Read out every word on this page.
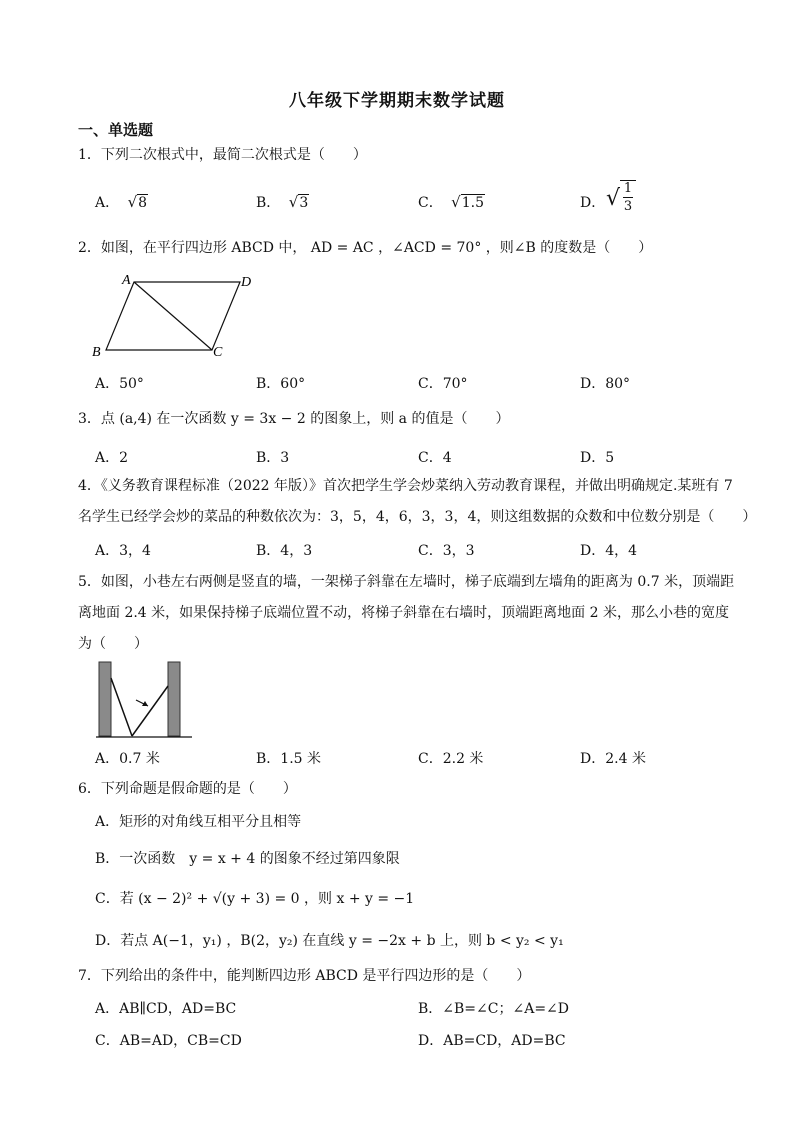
八年级下学期期末数学试题
一、单选题
1．下列二次根式中，最简二次根式是（　　）
A． √8	B． √3	C． √1.5	D． √ 1
3
2．如图，在平行四边形 ABCD 中， AD = AC ，∠ACD = 70° ，则∠B 的度数是（　　）
A	D
B	C
A．50°	B．60°	C．70°	D．80°
3．点 (a,4) 在一次函数 y = 3x − 2 的图象上，则 a 的值是（　　）
A．2	B．3	C．4	D．5
4．《义务教育课程标准（2022 年版）》首次把学生学会炒菜纳入劳动教育课程，并做出明确规定.某班有 7
名学生已经学会炒的菜品的种数依次为：3，5，4，6，3，3，4，则这组数据的众数和中位数分别是（　　）
A．3，4	B．4，3	C．3，3	D．4，4
5．如图，小巷左右两侧是竖直的墙，一架梯子斜靠在左墙时，梯子底端到左墙角的距离为 0.7 米，顶端距
离地面 2.4 米，如果保持梯子底端位置不动，将梯子斜靠在右墙时，顶端距离地面 2 米，那么小巷的宽度
为（　　）
A．0.7 米	B．1.5 米	C．2.2 米	D．2.4 米
6．下列命题是假命题的是（　　）
A．矩形的对角线互相平分且相等
B．一次函数　y = x + 4 的图象不经过第四象限
C．若 (x − 2)² + √(y + 3) = 0 ，则 x + y = −1
D．若点 A(−1，y₁) ，B(2，y₂) 在直线 y = −2x + b 上，则 b < y₂ < y₁
7．下列给出的条件中，能判断四边形 ABCD 是平行四边形的是（　　）
A．AB∥CD，AD=BC	B．∠B=∠C；∠A=∠D
C．AB=AD，CB=CD	D．AB=CD，AD=BC
